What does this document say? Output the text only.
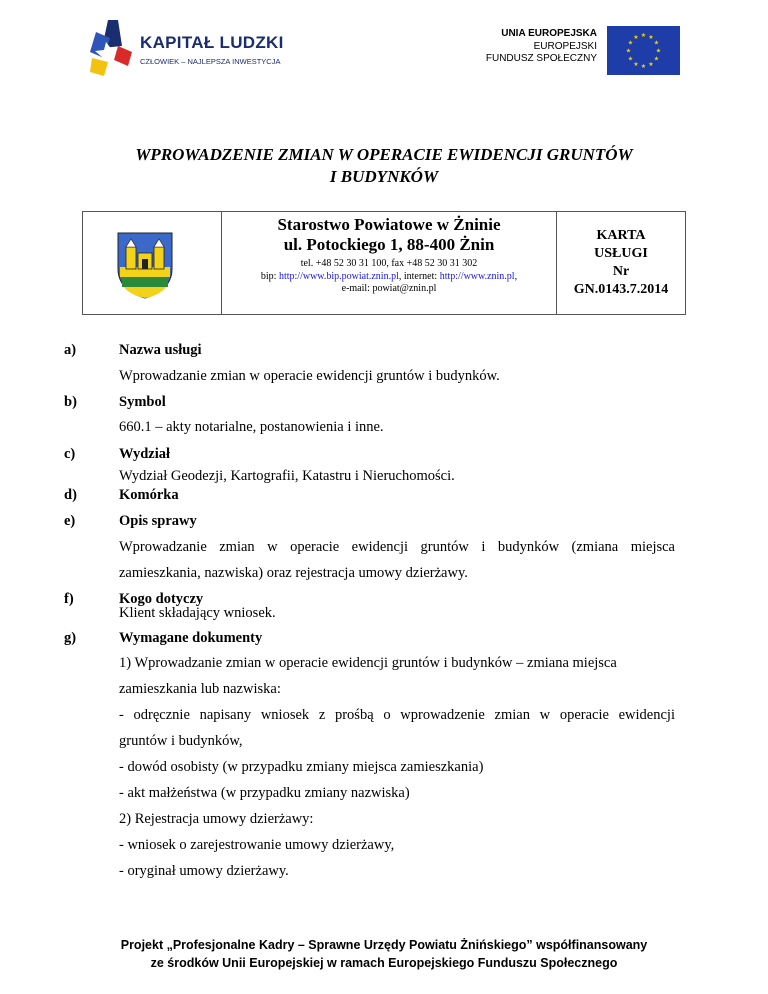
KAPITAŁ LUDZKI
CZŁOWIEK – NAJLEPSZA INWESTYCJA
UNIA EUROPEJSKA
EUROPEJSKI
FUNDUSZ SPOŁECZNY
★ ★
★
★
★
★
★
★
★
★
★
★
WPROWADZENIE ZMIAN W OPERACIE EWIDENCJI GRUNTÓW
I BUDYNKÓW
Starostwo Powiatowe w Żninie
ul. Potockiego 1, 88-400 Żnin
tel. +48 52 30 31 100, fax +48 52 30 31 302
bip: http://www.bip.powiat.znin.pl, internet: http://www.znin.pl,
e-mail: powiat@znin.pl
KARTA
USŁUGI
Nr
GN.0143.7.2014
a)	Nazwa usługi
Wprowadzanie zmian w operacie ewidencji gruntów i budynków.
b)	Symbol
660.1 – akty notarialne, postanowienia i inne.
c)	Wydział
Wydział Geodezji, Kartografii, Katastru i Nieruchomości.
d)	Komórka
e)	Opis sprawy
Wprowadzanie zmian w operacie ewidencji gruntów i budynków (zmiana miejsca
zamieszkania, nazwiska) oraz rejestracja umowy dzierżawy.
f)	Kogo dotyczy
Klient składający wniosek.
g)	Wymagane dokumenty
1) Wprowadzanie zmian w operacie ewidencji gruntów i budynków – zmiana miejsca
zamieszkania lub nazwiska:
- odręcznie napisany wniosek z prośbą o wprowadzenie zmian w operacie ewidencji
gruntów i budynków,
- dowód osobisty (w przypadku zmiany miejsca zamieszkania)
- akt małżeństwa (w przypadku zmiany nazwiska)
2) Rejestracja umowy dzierżawy:
- wniosek o zarejestrowanie umowy dzierżawy,
- oryginał umowy dzierżawy.
Projekt „Profesjonalne Kadry – Sprawne Urzędy Powiatu Żnińskiego” współfinansowany
ze środków Unii Europejskiej w ramach Europejskiego Funduszu Społecznego
